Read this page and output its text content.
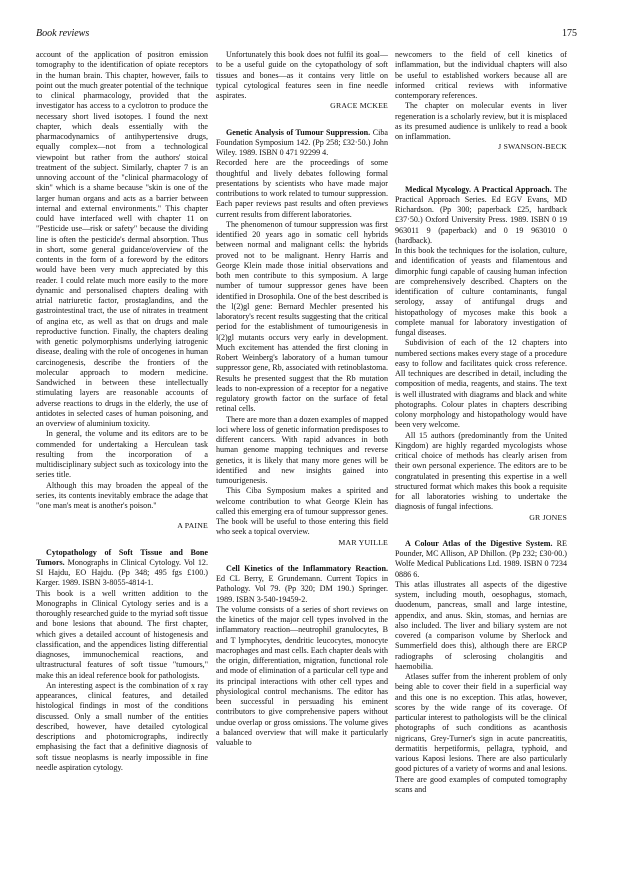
Book reviews	175

account of the application of positron emission tomography to the identification of opiate receptors in the human brain. This chapter, however, fails to point out the much greater potential of the technique to clinical pharmacology, provided that the investigator has access to a cyclotron to produce the necessary short lived isotopes. I found the next chapter, which deals essentially with the pharmacodynamics of antihypertensive drugs, equally complex—not from a technological viewpoint but rather from the authors' stoical treatment of the subject. Similarly, chapter 7 is an unnoving account of the "clinical pharmacology of skin" which is a shame because "skin is one of the larger human organs and acts as a barrier between internal and external environments." This chapter could have interfaced well with chapter 11 on "Pesticide use—risk or safety" because the dividing line is often the pesticide's dermal absorption. Thus in short, some general guidance/overview of the contents in the form of a foreword by the editors would have been very much appreciated by this reader. I could relate much more easily to the more dynamic and personalised chapters dealing with atrial natriuretic factor, prostaglandins, and the gastrointestinal tract, the use of nitrates in treatment of angina etc, as well as that on drugs and male reproductive function. Finally, the chapters dealing with genetic polymorphisms underlying iatrogenic disease, dealing with the role of oncogenes in human carcinogenesis, describe the frontiers of the molecular approach to modern medicine. Sandwiched in between these intellectually stimulating layers are reasonable accounts of adverse reactions to drugs in the elderly, the use of antidotes in selected cases of human poisoning, and an overview of aluminium toxicity.

In general, the volume and its editors are to be commended for undertaking a Herculean task resulting from the incorporation of a multidisciplinary subject such as toxicology into the series title.

Although this may broaden the appeal of the series, its contents inevitably embrace the adage that "one man's meat is another's poison."

A PAINE

Cytopathology of Soft Tissue and Bone Tumors. Monographs in Clinical Cytology. Vol 12. SI Hajdu, EO Hajdu. (Pp 348; 495 fgs £100.) Karger. 1989. ISBN 3-8055-4814-1.

This book is a well written addition to the Monographs in Clinical Cytology series and is a thoroughly researched guide to the myriad soft tissue and bone lesions that abound. The first chapter, which gives a detailed account of histogenesis and classification, and the appendices listing differential diagnoses, immunochemical reactions, and ultrastructural features of soft tissue "tumours," make this an ideal reference book for pathologists.

An interesting aspect is the combination of x ray appearances, clinical features, and detailed histological findings in most of the conditions discussed. Only a small number of the entities described, however, have detailed cytological descriptions and photomicrographs, indirectly emphasising the fact that a definitive diagnosis of soft tissue neoplasms is nearly impossible in fine needle aspiration cytology.

Unfortunately this book does not fulfil its goal—to be a useful guide on the cytopathology of soft tissues and bones—as it contains very little on typical cytological features seen in fine needle aspirates.

GRACE MCKEE

Genetic Analysis of Tumour Suppression. Ciba Foundation Symposium 142. (Pp 258; £32·50.) John Wiley. 1989. ISBN 0 471 92299 4.

Recorded here are the proceedings of some thoughtful and lively debates following formal presentations by scientists who have made major contributions to work related to tumour suppression. Each paper reviews past results and often previews current results from different laboratories.

The phenomenon of tumour suppression was first identified 20 years ago in somatic cell hybrids between normal and malignant cells: the hybrids proved not to be malignant. Henry Harris and George Klein made those initial observations and both men contribute to this symposium. A large number of tumour suppressor genes have been identified in Drosophila. One of the best described is the l(2)gl gene: Bernard Mechler presented his laboratory's recent results suggesting that the critical period for the establishment of tumourigenesis in l(2)gl mutants occurs very early in development. Much excitement has attended the first cloning in Robert Weinberg's laboratory of a human tumour suppressor gene, Rb, associated with retinoblastoma. Results he presented suggest that the Rb mutation leads to non-expression of a receptor for a negative regulatory growth factor on the surface of fetal retinal cells.

There are more than a dozen examples of mapped loci where loss of genetic information predisposes to different cancers. With rapid advances in both human genome mapping techniques and reverse genetics, it is likely that many more genes will be identified and new insights gained into tumourigenesis.

This Ciba Symposium makes a spirited and welcome contribution to what George Klein has called this emerging era of tumour suppressor genes. The book will be useful to those entering this field who seek a topical overview.

MAR YUILLE

Cell Kinetics of the Inflammatory Reaction. Ed CL Berry, E Grundemann. Current Topics in Pathology. Vol 79. (Pp 320; DM 190.) Springer. 1989. ISBN 3-540-19459-2.

The volume consists of a series of short reviews on the kinetics of the major cell types involved in the inflammatory reaction—neutrophil granulocytes, B and T lymphocytes, dendritic leucocytes, monocyte macrophages and mast cells. Each chapter deals with the origin, differentiation, migration, functional role and mode of elimination of a particular cell type and its principal interactions with other cell types and physiological control mechanisms. The editor has been successful in persuading his eminent contributors to give comprehensive papers without undue overlap or gross omissions. The volume gives a balanced overview that will make it particularly valuable to

newcomers to the field of cell kinetics of inflammation, but the individual chapters will also be useful to established workers because all are informed critical reviews with informative contemporary references.

The chapter on molecular events in liver regeneration is a scholarly review, but it is misplaced as its presumed audience is unlikely to read a book on inflammation.

J SWANSON-BECK

Medical Mycology. A Practical Approach. The Practical Approach Series. Ed EGV Evans, MD Richardson. (Pp 300; paperback £25, hardback £37·50.) Oxford University Press. 1989. ISBN 0 19 963011 9 (paperback) and 0 19 963010 0 (hardback).

In this book the techniques for the isolation, culture, and identification of yeasts and filamentous and dimorphic fungi capable of causing human infection are comprehensively described. Chapters on the identification of culture contaminants, fungal serology, assay of antifungal drugs and histopathology of mycoses make this book a complete manual for laboratory investigation of fungal diseases.

Subdivision of each of the 12 chapters into numbered sections makes every stage of a procedure easy to follow and facilitates quick cross reference. All techniques are described in detail, including the composition of media, reagents, and stains. The text is well illustrated with diagrams and black and white photographs. Colour plates in chapters describing colony morphology and histopathology would have been very welcome.

All 15 authors (predominantly from the United Kingdom) are highly regarded mycologists whose critical choice of methods has clearly arisen from their own personal experience. The editors are to be congratulated in presenting this expertise in a well structured format which makes this book a requisite for all laboratories wishing to undertake the diagnosis of fungal infections.

GR JONES

A Colour Atlas of the Digestive System. RE Pounder, MC Allison, AP Dhillon. (Pp 232; £30·00.) Wolfe Medical Publications Ltd. 1989. ISBN 0 7234 0886 6.

This atlas illustrates all aspects of the digestive system, including mouth, oesophagus, stomach, duodenum, pancreas, small and large intestine, appendix, and anus. Skin, stomas, and hernias are also included. The liver and biliary system are not covered (a comparison volume by Sherlock and Summerfield does this), although there are ERCP radiographs of sclerosing cholangitis and haemobilia.

Atlases suffer from the inherent problem of only being able to cover their field in a superficial way and this one is no exception. This atlas, however, scores by the wide range of its coverage. Of particular interest to pathologists will be the clinical photographs of such conditions as acanthosis nigricans, Grey-Turner's sign in acute pancreatitis, dermatitis herpetiformis, pellagra, typhoid, and various Kaposi lesions. There are also particularly good pictures of a variety of worms and anal lesions. There are good examples of computed tomography scans and
